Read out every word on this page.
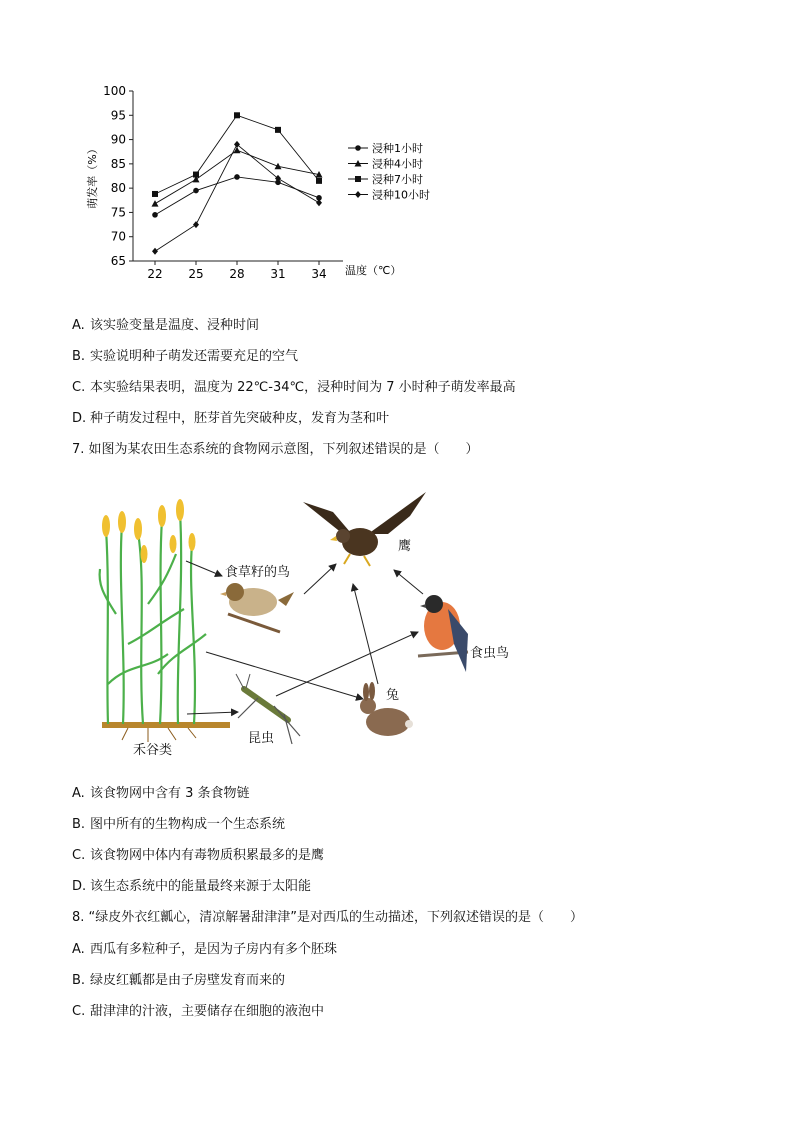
65
70
75
80
85
90
95
100
22 25 28 31 34
萌发率（%）
温度（℃）
浸种1小时
浸种4小时
浸种7小时
浸种10小时
A. 该实验变量是温度、浸种时间
B. 实验说明种子萌发还需要充足的空气
C. 本实验结果表明，温度为 22℃-34℃，浸种时间为 7 小时种子萌发率最高
D. 种子萌发过程中，胚芽首先突破种皮，发育为茎和叶
7. 如图为某农田生态系统的食物网示意图，下列叙述错误的是（　　）
禾谷类
食草籽的鸟
鹰
食虫鸟
兔
昆虫
A. 该食物网中含有 3 条食物链
B. 图中所有的生物构成一个生态系统
C. 该食物网中体内有毒物质积累最多的是鹰
D. 该生态系统中的能量最终来源于太阳能
8. “绿皮外衣红瓤心，清凉解暑甜津津”是对西瓜的生动描述，下列叙述错误的是（　　）
A. 西瓜有多粒种子，是因为子房内有多个胚珠
B. 绿皮红瓤都是由子房壁发育而来的
C. 甜津津的汁液，主要储存在细胞的液泡中
